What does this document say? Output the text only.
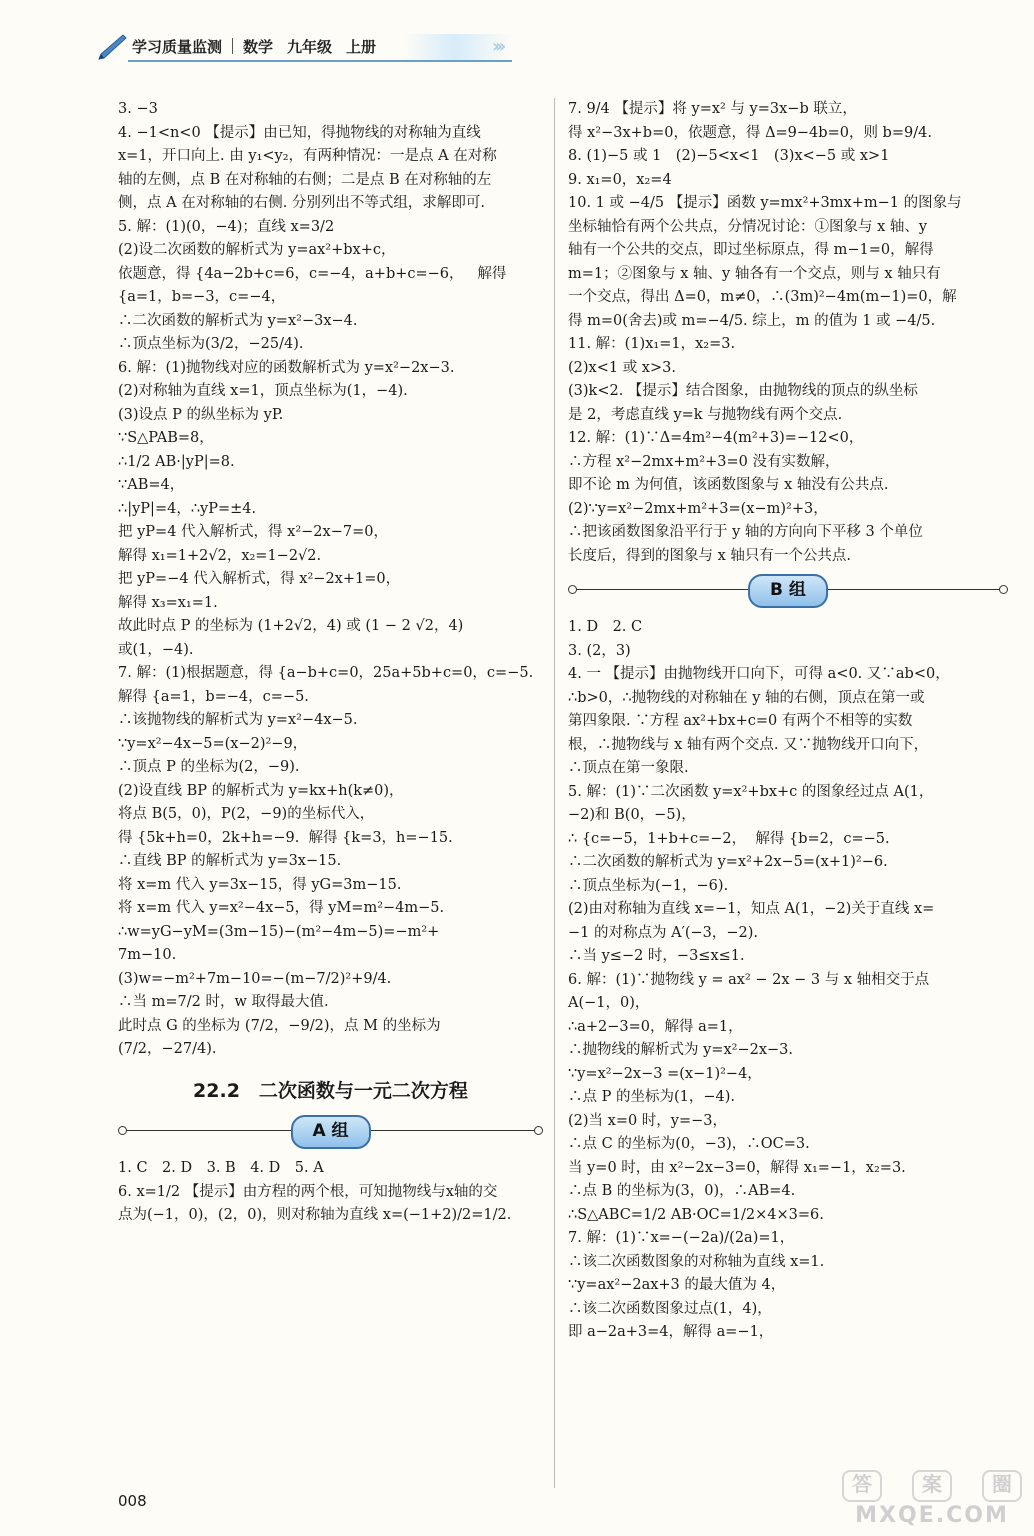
学习质量监测 数学 九年级 上册	›››

3. −3

4. −1<n<0 【提示】由已知，得抛物线的对称轴为直线

x=1，开口向上. 由 y₁<y₂，有两种情况：一是点 A 在对称

轴的左侧，点 B 在对称轴的右侧；二是点 B 在对称轴的左

侧，点 A 在对称轴的右侧. 分别列出不等式组，求解即可.

5. 解：(1)(0，−4)；直线 x=3/2

(2)设二次函数的解析式为 y=ax²+bx+c，

依题意，得 {4a−2b+c=6，c=−4，a+b+c=−6，   解得 {a=1，b=−3，c=−4，

∴二次函数的解析式为 y=x²−3x−4.

∴顶点坐标为(3/2，−25/4).

6. 解：(1)抛物线对应的函数解析式为 y=x²−2x−3.

(2)对称轴为直线 x=1，顶点坐标为(1，−4).

(3)设点 P 的纵坐标为 yP.

∵S△PAB=8，

∴1/2 AB·|yP|=8.

∵AB=4，

∴|yP|=4，∴yP=±4.

把 yP=4 代入解析式，得 x²−2x−7=0，

解得 x₁=1+2√2，x₂=1−2√2.

把 yP=−4 代入解析式，得 x²−2x+1=0，

解得 x₃=x₁=1.

故此时点 P 的坐标为 (1+2√2，4) 或 (1 − 2 √2，4)

或(1，−4).

7. 解：(1)根据题意，得 {a−b+c=0，25a+5b+c=0，c=−5.   解得 {a=1，b=−4，c=−5.

∴该抛物线的解析式为 y=x²−4x−5.

∵y=x²−4x−5=(x−2)²−9，

∴顶点 P 的坐标为(2，−9).

(2)设直线 BP 的解析式为 y=kx+h(k≠0)，

将点 B(5，0)，P(2，−9)的坐标代入，

得 {5k+h=0，2k+h=−9.  解得 {k=3，h=−15.

∴直线 BP 的解析式为 y=3x−15.

将 x=m 代入 y=3x−15，得 yG=3m−15.

将 x=m 代入 y=x²−4x−5，得 yM=m²−4m−5.

∴w=yG−yM=(3m−15)−(m²−4m−5)=−m²+

7m−10.

(3)w=−m²+7m−10=−(m−7/2)²+9/4.

∴当 m=7/2 时，w 取得最大值.

此时点 G 的坐标为 (7/2，−9/2)，点 M 的坐标为

(7/2，−27/4).

22.2　二次函数与一元二次方程
A 组

1. C　2. D　3. B　4. D　5. A

6. x=1/2 【提示】由方程的两个根，可知抛物线与x轴的交

点为(−1，0)，(2，0)，则对称轴为直线 x=(−1+2)/2=1/2.

7. 9/4 【提示】将 y=x² 与 y=3x−b 联立，

得 x²−3x+b=0，依题意，得 Δ=9−4b=0，则 b=9/4.

8. (1)−5 或 1　(2)−5<x<1　(3)x<−5 或 x>1

9. x₁=0，x₂=4

10. 1 或 −4/5 【提示】函数 y=mx²+3mx+m−1 的图象与

坐标轴恰有两个公共点，分情况讨论：①图象与 x 轴、y

轴有一个公共的交点，即过坐标原点，得 m−1=0，解得

m=1；②图象与 x 轴、y 轴各有一个交点，则与 x 轴只有

一个交点，得出 Δ=0，m≠0，∴(3m)²−4m(m−1)=0，解

得 m=0(舍去)或 m=−4/5. 综上，m 的值为 1 或 −4/5.

11. 解：(1)x₁=1，x₂=3.

(2)x<1 或 x>3.

(3)k<2. 【提示】结合图象，由抛物线的顶点的纵坐标

是 2，考虑直线 y=k 与抛物线有两个交点.

12. 解：(1)∵Δ=4m²−4(m²+3)=−12<0，

∴方程 x²−2mx+m²+3=0 没有实数解，

即不论 m 为何值，该函数图象与 x 轴没有公共点.

(2)∵y=x²−2mx+m²+3=(x−m)²+3，

∴把该函数图象沿平行于 y 轴的方向向下平移 3 个单位

长度后，得到的图象与 x 轴只有一个公共点.

B 组

1. D　2. C

3. (2，3)

4. 一 【提示】由抛物线开口向下，可得 a<0. 又∵ab<0，

∴b>0，∴抛物线的对称轴在 y 轴的右侧，顶点在第一或

第四象限. ∵方程 ax²+bx+c=0 有两个不相等的实数

根，∴抛物线与 x 轴有两个交点. 又∵抛物线开口向下，

∴顶点在第一象限.

5. 解：(1)∵二次函数 y=x²+bx+c 的图象经过点 A(1，

−2)和 B(0，−5)，

∴ {c=−5，1+b+c=−2，  解得 {b=2，c=−5.

∴二次函数的解析式为 y=x²+2x−5=(x+1)²−6.

∴顶点坐标为(−1，−6).

(2)由对称轴为直线 x=−1，知点 A(1，−2)关于直线 x=

−1 的对称点为 A′(−3，−2).

∴当 y≤−2 时，−3≤x≤1.

6. 解：(1)∵抛物线 y = ax² − 2x − 3 与 x 轴相交于点

A(−1，0)，

∴a+2−3=0，解得 a=1，

∴抛物线的解析式为 y=x²−2x−3.

∵y=x²−2x−3 =(x−1)²−4，

∴点 P 的坐标为(1，−4).

(2)当 x=0 时，y=−3，

∴点 C 的坐标为(0，−3)，∴OC=3.

当 y=0 时，由 x²−2x−3=0，解得 x₁=−1，x₂=3.

∴点 B 的坐标为(3，0)，∴AB=4.

∴S△ABC=1/2 AB·OC=1/2×4×3=6.

7. 解：(1)∵x=−(−2a)/(2a)=1，

∴该二次函数图象的对称轴为直线 x=1.

∵y=ax²−2ax+3 的最大值为 4，

∴该二次函数图象过点(1，4)，

即 a−2a+3=4，解得 a=−1，

008
答	案	圈
MXQE.COM
